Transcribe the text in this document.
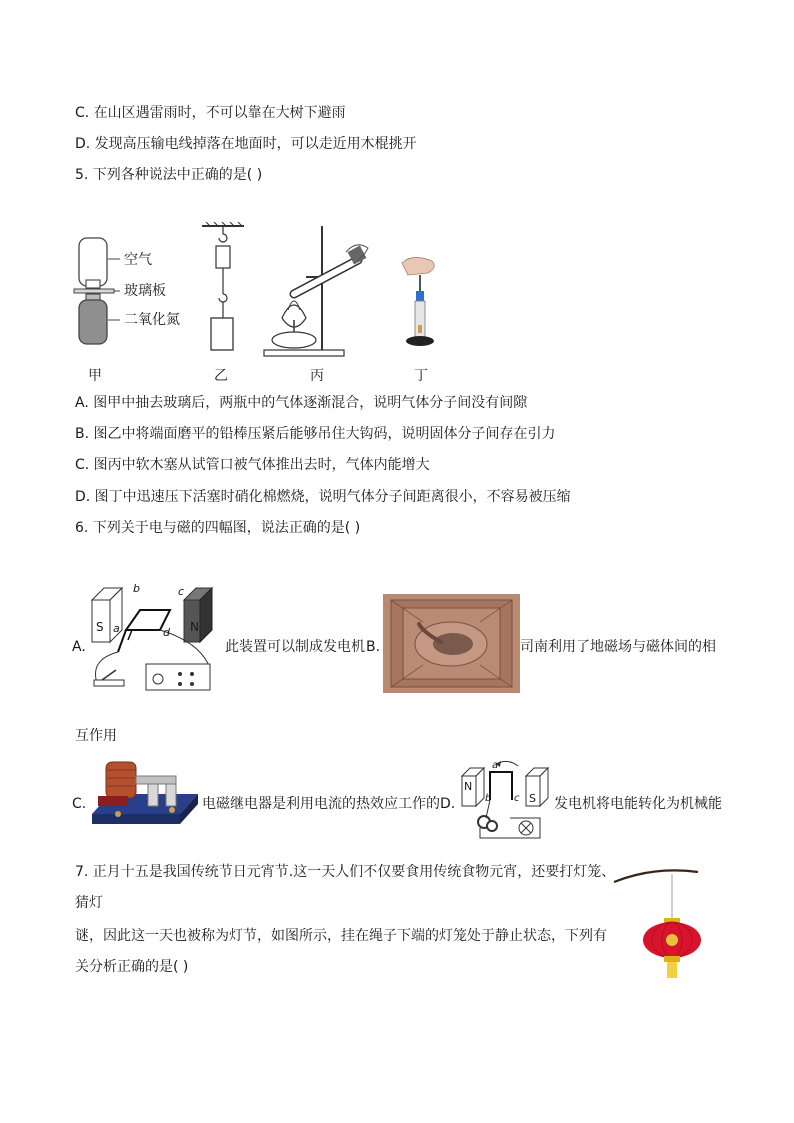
C. 在山区遇雷雨时，不可以靠在大树下避雨
D. 发现高压输电线掉落在地面时，可以走近用木棍挑开
5. 下列各种说法中正确的是( )
空气
玻璃板
二氧化氮
甲	乙	丙	丁
A. 图甲中抽去玻璃后，两瓶中的气体逐渐混合，说明气体分子间没有间隙
B. 图乙中将端面磨平的铅棒压紧后能够吊住大钩码，说明固体分子间存在引力
C. 图丙中软木塞从试管口被气体推出去时，气体内能增大
D. 图丁中迅速压下活塞时硝化棉燃烧，说明气体分子间距离很小，不容易被压缩
6. 下列关于电与磁的四幅图，说法正确的是( )
A.
S	N
b	c
a	d
此装置可以制成发电机 B.	司南利用了地磁场与磁体间的相
互作用
C.	电磁继电器是利用电流的热效应工作的 D.
N
S
a
b c 发电机将电能转化为机械能
7. 正月十五是我国传统节日元宵节.这一天人们不仅要食用传统食物元宵，还要打灯笼、
猜灯
谜，因此这一天也被称为灯节，如图所示，挂在绳子下端的灯笼处于静止状态，下列有
关分析正确的是( )
